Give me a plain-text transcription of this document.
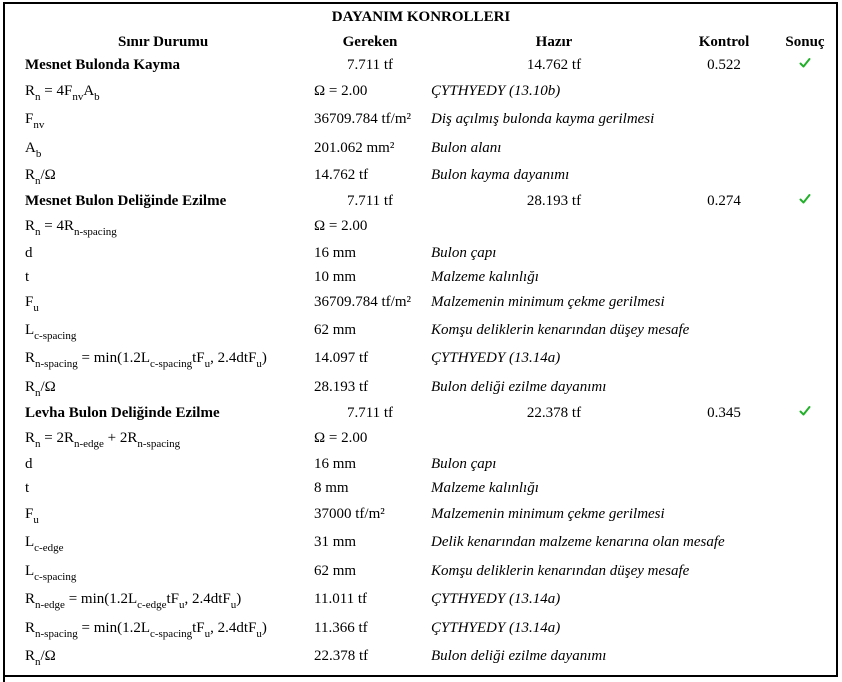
DAYANIM KONROLLERI
Sınır Durumu	Gereken	Hazır	Kontrol	Sonuç
Mesnet Bulonda Kayma	7.711 tf	14.762 tf	0.522
$R_n = 4F_{nv}A_b$	Ω = 2.00	ÇYTHYEDY (13.10b)
$F_{nv}$	36709.784 tf/m² Diş açılmış bulonda kayma gerilmesi
$A_b$	201.062 mm² Bulon alanı
$R_n/\Omega$	14.762 tf	Bulon kayma dayanımı
Mesnet Bulon Deliğinde Ezilme	7.711 tf	28.193 tf	0.274
$R_n = 4R_{n-spacing}$	Ω = 2.00
d	16 mm	Bulon çapı
t	10 mm	Malzeme kalınlığı
$F_u$	36709.784 tf/m² Malzemenin minimum çekme gerilmesi
$L_{c-spacing}$	62 mm	Komşu deliklerin kenarından düşey mesafe
$R_{n-spacing} = \min(1.2L_{c-spacing}tF_u$, 2.4dtF$_u$)	14.097 tf	ÇYTHYEDY (13.14a)
$R_n/\Omega$	28.193 tf	Bulon deliği ezilme dayanımı
Levha Bulon Deliğinde Ezilme	7.711 tf	22.378 tf	0.345
$R_n = 2R_{n-edge} + 2R_{n-spacing}$	Ω = 2.00
d	16 mm	Bulon çapı
t	8 mm	Malzeme kalınlığı
$F_u$	37000 tf/m²	Malzemenin minimum çekme gerilmesi
$L_{c-edge}$	31 mm	Delik kenarından malzeme kenarına olan mesafe
$L_{c-spacing}$	62 mm	Komşu deliklerin kenarından düşey mesafe
$R_{n-edge} = \min(1.2L_{c-edge}tF_u$, 2.4dtF$_u$)	11.011 tf	ÇYTHYEDY (13.14a)
$R_{n-spacing} = \min(1.2L_{c-spacing}tF_u$, 2.4dtF$_u$)	11.366 tf	ÇYTHYEDY (13.14a)
$R_n/\Omega$	22.378 tf	Bulon deliği ezilme dayanımı
